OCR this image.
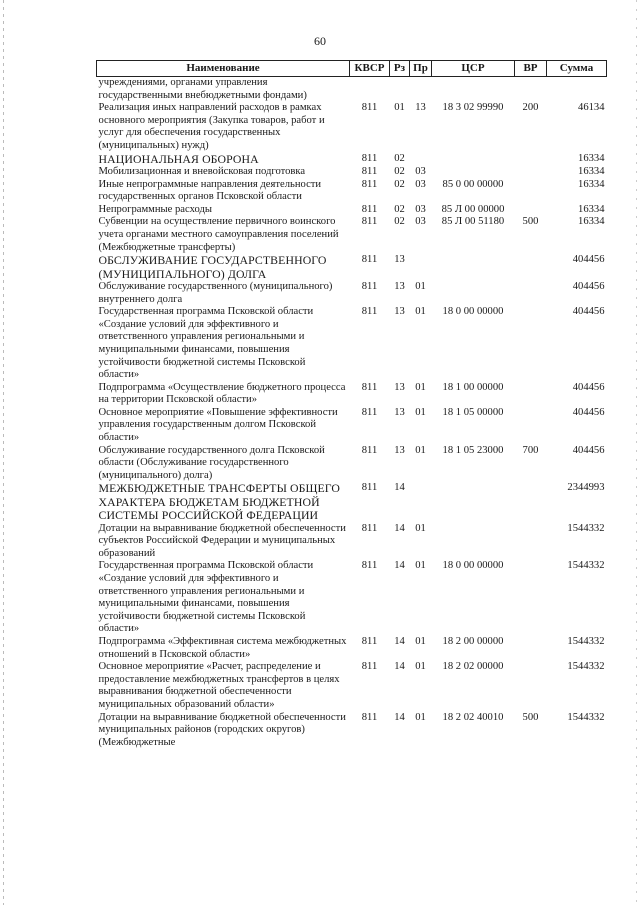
60
Наименование	КВСР	Рз	Пр	ЦСР	ВР	Сумма
учреждениями, органами управления государственными внебюджетными фондами)						
Реализация иных направлений расходов в рамках основного мероприятия (Закупка товаров, работ и услуг для обеспечения государственных (муниципальных) нужд)	811	01	13	18 3 02 99990	200	46134
НАЦИОНАЛЬНАЯ ОБОРОНА	811	02				16334
Мобилизационная и вневойсковая подготовка	811	02	03			16334
Иные непрограммные направления деятельности государственных органов Псковской области	811	02	03	85 0 00 00000		16334
Непрограммные расходы	811	02	03	85 Л 00 00000		16334
Субвенции на осуществление первичного воинского учета органами местного самоуправления поселений (Межбюджетные трансферты)	811	02	03	85 Л 00 51180	500	16334
ОБСЛУЖИВАНИЕ ГОСУДАРСТВЕННОГО (МУНИЦИПАЛЬНОГО) ДОЛГА	811	13				404456
Обслуживание государственного (муниципального) внутреннего долга	811	13	01			404456
Государственная программа Псковской области «Создание условий для эффективного и ответственного управления региональными и муниципальными финансами, повышения устойчивости бюджетной системы Псковской области»	811	13	01	18 0 00 00000		404456
Подпрограмма «Осуществление бюджетного процесса на территории Псковской области»	811	13	01	18 1 00 00000		404456
Основное мероприятие «Повышение эффективности управления государственным долгом Псковской области»	811	13	01	18 1 05 00000		404456
Обслуживание государственного долга Псковской области (Обслуживание государственного (муниципального) долга)	811	13	01	18 1 05 23000	700	404456
МЕЖБЮДЖЕТНЫЕ ТРАНСФЕРТЫ ОБЩЕГО ХАРАКТЕРА БЮДЖЕТАМ БЮДЖЕТНОЙ СИСТЕМЫ РОССИЙСКОЙ ФЕДЕРАЦИИ	811	14				2344993
Дотации на выравнивание бюджетной обеспеченности субъектов Российской Федерации и муниципальных образований	811	14	01			1544332
Государственная программа Псковской области «Создание условий для эффективного и ответственного управления региональными и муниципальными финансами, повышения устойчивости бюджетной системы Псковской области»	811	14	01	18 0 00 00000		1544332
Подпрограмма «Эффективная система межбюджетных отношений в Псковской области»	811	14	01	18 2 00 00000		1544332
Основное мероприятие «Расчет, распределение и предоставление межбюджетных трансфертов в целях выравнивания бюджетной обеспеченности муниципальных образований области»	811	14	01	18 2 02 00000		1544332
Дотации на выравнивание бюджетной обеспеченности муниципальных районов (городских округов) (Межбюджетные	811	14	01	18 2 02 40010	500	1544332
